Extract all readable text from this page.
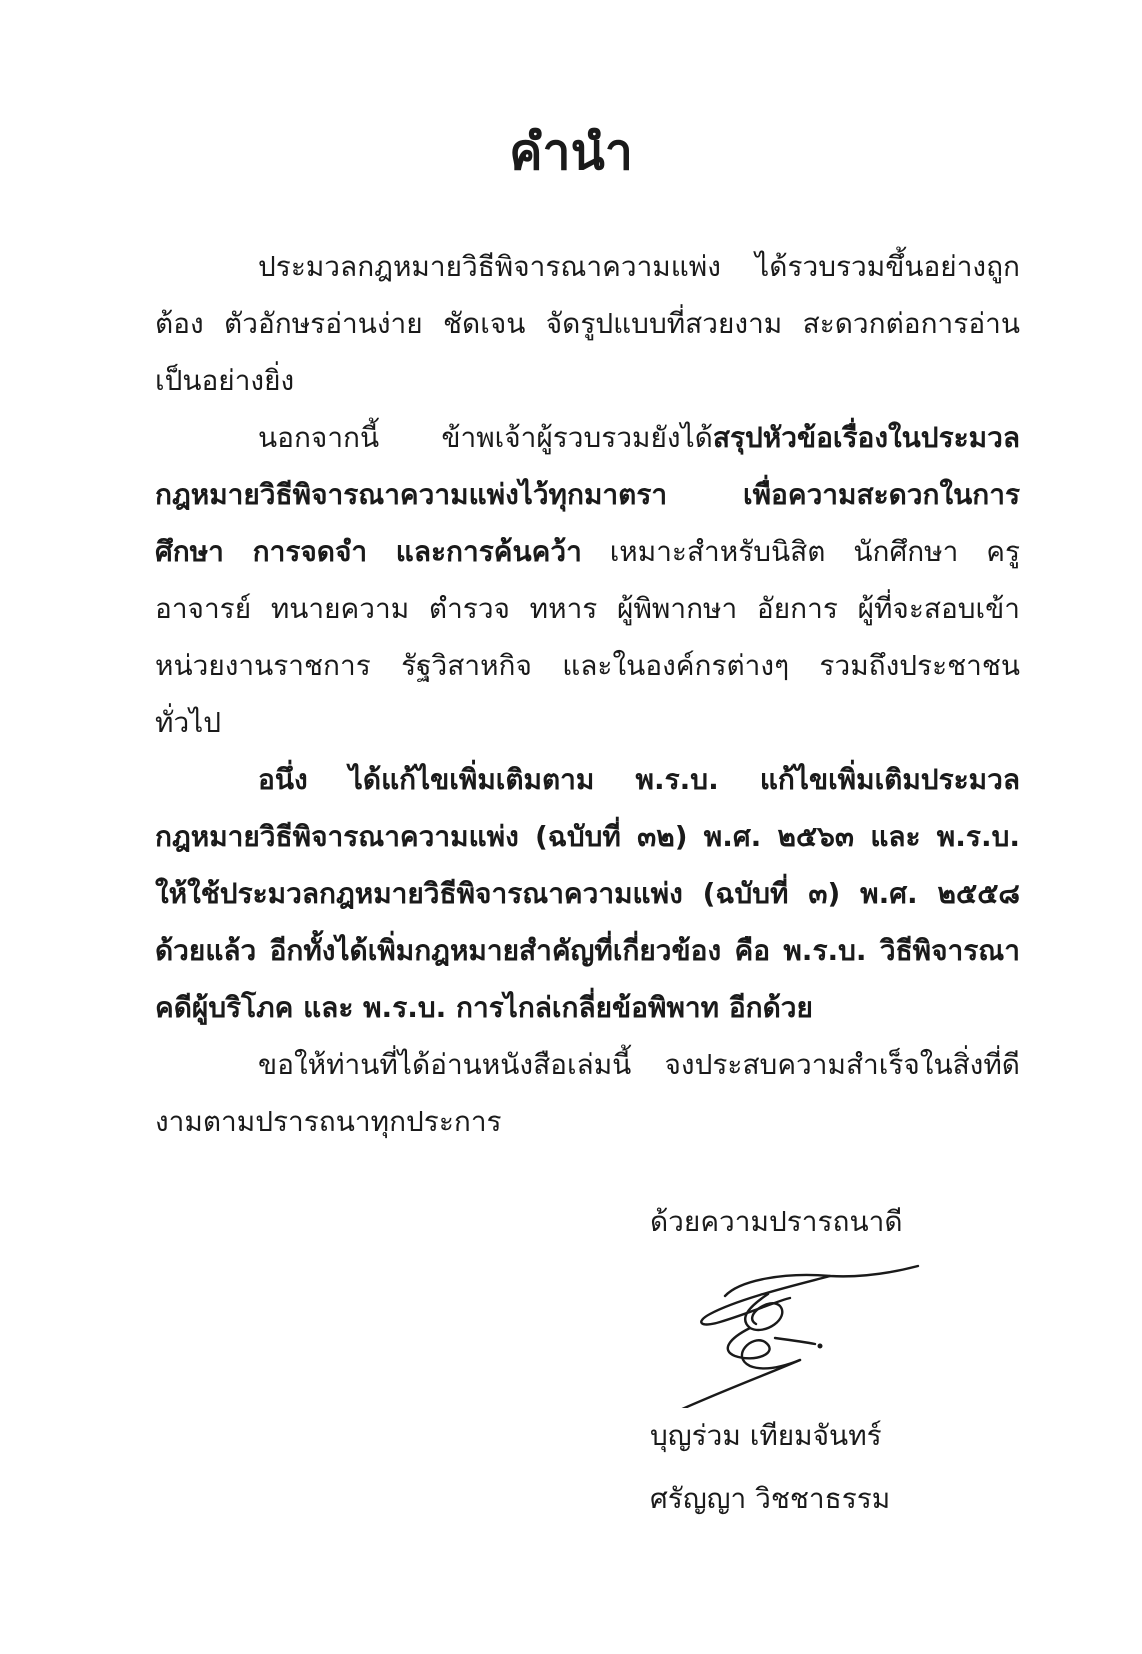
คำนำ

ประมวลกฎหมายวิธีพิจารณาความแพ่ง ได้รวบรวมขึ้นอย่างถูกต้อง ตัวอักษรอ่านง่าย ชัดเจน จัดรูปแบบที่สวยงาม สะดวกต่อการอ่านเป็นอย่างยิ่ง

นอกจากนี้ ข้าพเจ้าผู้รวบรวมยังได้สรุปหัวข้อเรื่องในประมวลกฎหมายวิธีพิจารณาความแพ่งไว้ทุกมาตรา เพื่อความสะดวกในการศึกษา การจดจำ และการค้นคว้า เหมาะสำหรับนิสิต นักศึกษา ครู อาจารย์ ทนายความ ตำรวจ ทหาร ผู้พิพากษา อัยการ ผู้ที่จะสอบเข้าหน่วยงานราชการ รัฐวิสาหกิจ และในองค์กรต่างๆ รวมถึงประชาชนทั่วไป

อนึ่ง ได้แก้ไขเพิ่มเติมตาม พ.ร.บ. แก้ไขเพิ่มเติมประมวลกฎหมายวิธีพิจารณาความแพ่ง (ฉบับที่ ๓๒) พ.ศ. ๒๕๖๓ และ พ.ร.บ. ให้ใช้ประมวลกฎหมายวิธีพิจารณาความแพ่ง (ฉบับที่ ๓) พ.ศ. ๒๕๕๘ ด้วยแล้ว อีกทั้งได้เพิ่มกฎหมายสำคัญที่เกี่ยวข้อง คือ พ.ร.บ. วิธีพิจารณาคดีผู้บริโภค และ พ.ร.บ. การไกล่เกลี่ยข้อพิพาท อีกด้วย

ขอให้ท่านที่ได้อ่านหนังสือเล่มนี้ จงประสบความสำเร็จในสิ่งที่ดีงามตามปรารถนาทุกประการ

ด้วยความปรารถนาดี
บุญร่วม เทียมจันทร์
ศรัญญา วิชชาธรรม
